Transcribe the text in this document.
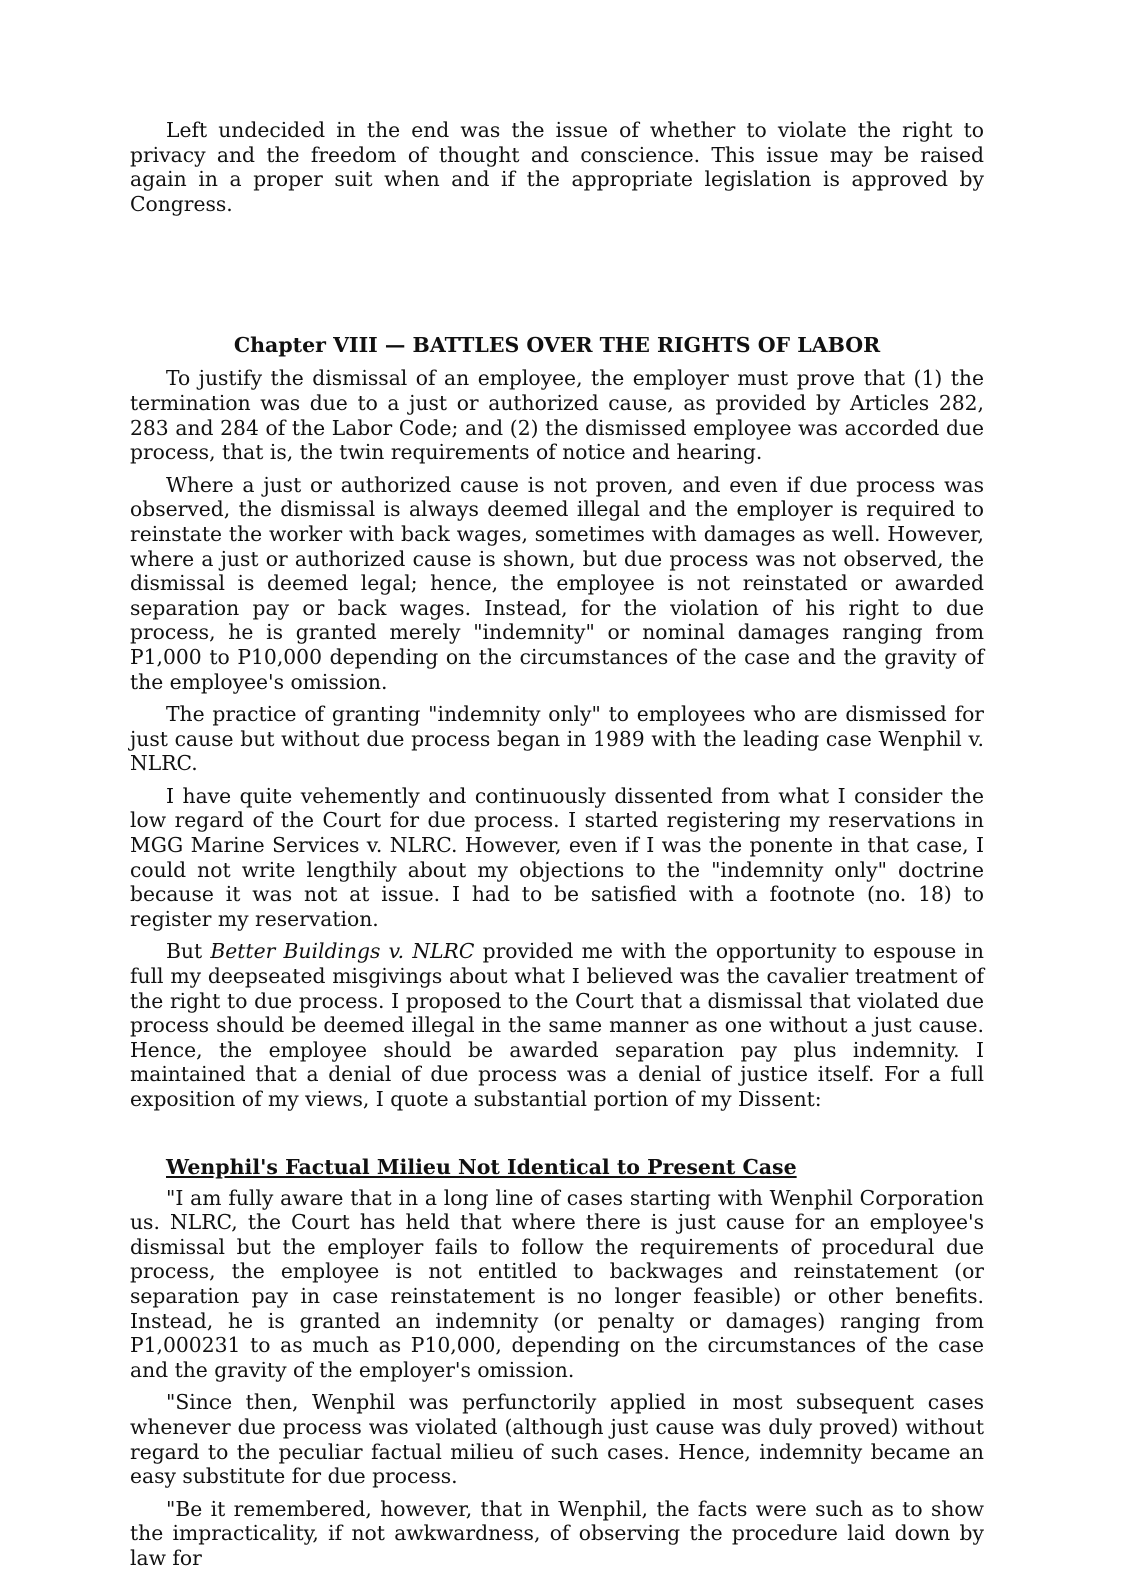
Left undecided in the end was the issue of whether to violate the right to privacy and the freedom of thought and conscience. This issue may be raised again in a proper suit when and if the appropriate legislation is approved by Congress.

Chapter VIII — BATTLES OVER THE RIGHTS OF LABOR

To justify the dismissal of an employee, the employer must prove that (1) the termination was due to a just or authorized cause, as provided by Articles 282, 283 and 284 of the Labor Code; and (2) the dismissed employee was accorded due process, that is, the twin requirements of notice and hearing.

Where a just or authorized cause is not proven, and even if due process was observed, the dismissal is always deemed illegal and the employer is required to reinstate the worker with back wages, sometimes with damages as well. However, where a just or authorized cause is shown, but due process was not observed, the dismissal is deemed legal; hence, the employee is not reinstated or awarded separation pay or back wages. Instead, for the violation of his right to due process, he is granted merely "indemnity" or nominal damages ranging from P1,000 to P10,000 depending on the circumstances of the case and the gravity of the employee's omission.

The practice of granting "indemnity only" to employees who are dismissed for just cause but without due process began in 1989 with the leading case Wenphil v. NLRC.

I have quite vehemently and continuously dissented from what I consider the low regard of the Court for due process. I started registering my reservations in MGG Marine Services v. NLRC. However, even if I was the ponente in that case, I could not write lengthily about my objections to the "indemnity only" doctrine because it was not at issue. I had to be satisfied with a footnote (no. 18) to register my reservation.

But Better Buildings v. NLRC provided me with the opportunity to espouse in full my deepseated misgivings about what I believed was the cavalier treatment of the right to due process. I proposed to the Court that a dismissal that violated due process should be deemed illegal in the same manner as one without a just cause. Hence, the employee should be awarded separation pay plus indemnity. I maintained that a denial of due process was a denial of justice itself. For a full exposition of my views, I quote a substantial portion of my Dissent:

Wenphil's Factual Milieu Not Identical to Present Case

"I am fully aware that in a long line of cases starting with Wenphil Corporation us. NLRC, the Court has held that where there is just cause for an employee's dismissal but the employer fails to follow the requirements of procedural due process, the employee is not entitled to backwages and reinstatement (or separation pay in case reinstatement is no longer feasible) or other benefits. Instead, he is granted an indemnity (or penalty or damages) ranging from P1,000231 to as much as P10,000, depending on the circumstances of the case and the gravity of the employer's omission.

"Since then, Wenphil was perfunctorily applied in most subsequent cases whenever due process was violated (although just cause was duly proved) without regard to the peculiar factual milieu of such cases. Hence, indemnity became an easy substitute for due process.

"Be it remembered, however, that in Wenphil, the facts were such as to show the impracticality, if not awkwardness, of observing the procedure laid down by law for
